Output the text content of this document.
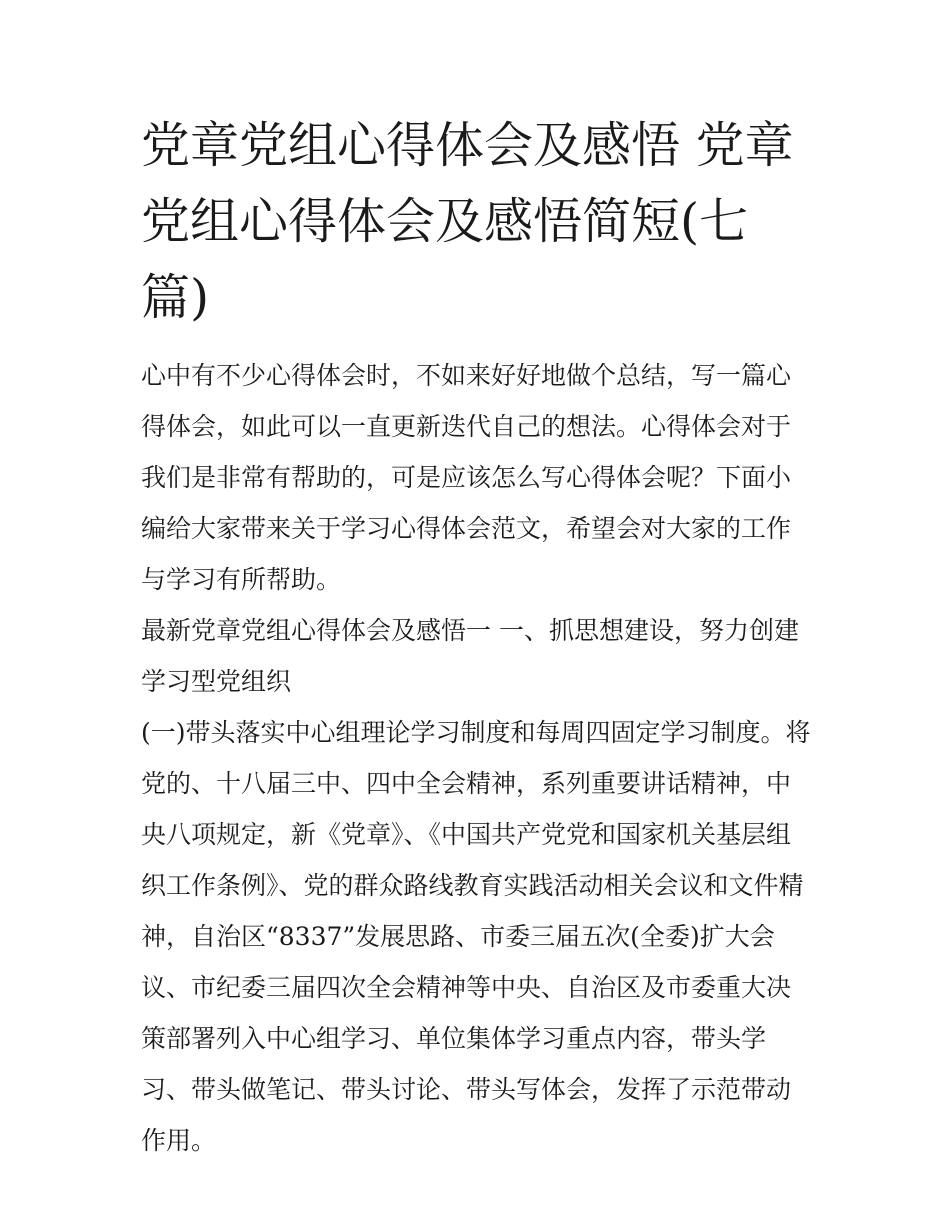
党章党组心得体会及感悟 党章党组心得体会及感悟简短(七篇)

心中有不少心得体会时，不如来好好地做个总结，写一篇心得体会，如此可以一直更新迭代自己的想法。心得体会对于我们是非常有帮助的，可是应该怎么写心得体会呢？下面小编给大家带来关于学习心得体会范文，希望会对大家的工作与学习有所帮助。

最新党章党组心得体会及感悟一 一、抓思想建设，努力创建学习型党组织

(一)带头落实中心组理论学习制度和每周四固定学习制度。将党的、十八届三中、四中全会精神，系列重要讲话精神，中央八项规定，新《党章》、《中国共产党党和国家机关基层组织工作条例》、党的群众路线教育实践活动相关会议和文件精神，自治区“8337”发展思路、市委三届五次(全委)扩大会议、市纪委三届四次全会精神等中央、自治区及市委重大决策部署列入中心组学习、单位集体学习重点内容，带头学习、带头做笔记、带头讨论、带头写体会，发挥了示范带动作用。
